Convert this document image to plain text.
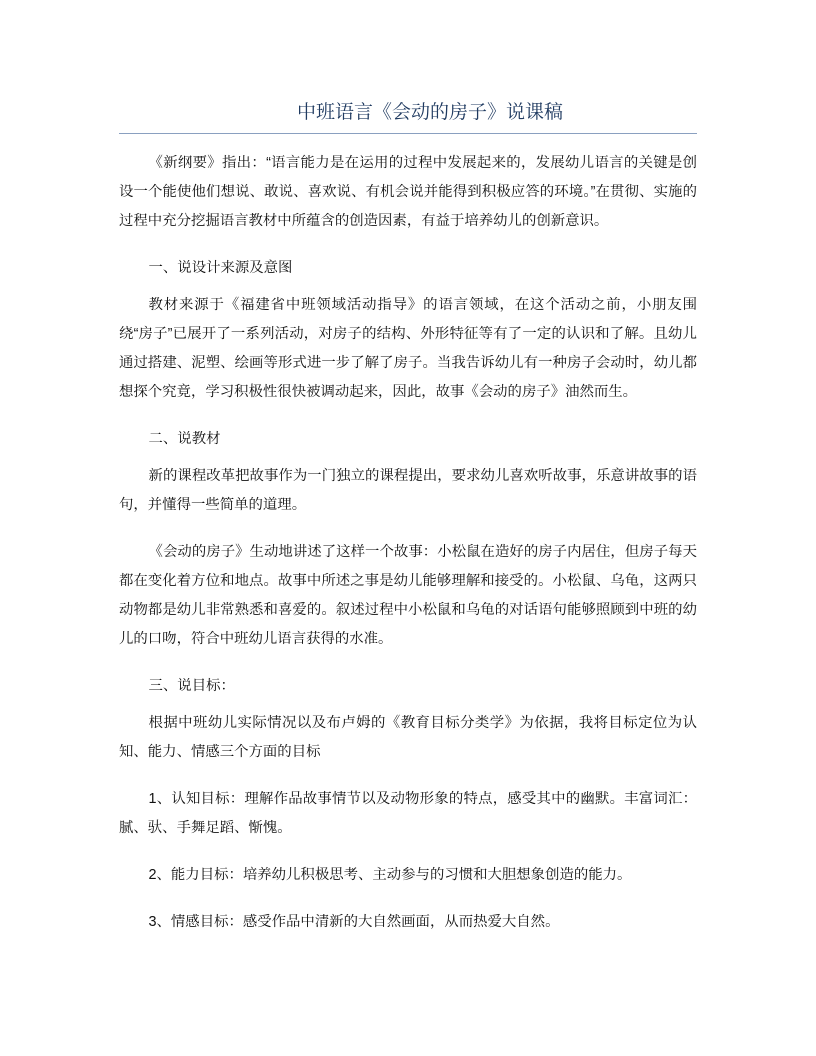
中班语言《会动的房子》说课稿

《新纲要》指出：“语言能力是在运用的过程中发展起来的，发展幼儿语言的关键是创设一个能使他们想说、敢说、喜欢说、有机会说并能得到积极应答的环境。”在贯彻、实施的过程中充分挖掘语言教材中所蕴含的创造因素，有益于培养幼儿的创新意识。

一、说设计来源及意图

教材来源于《福建省中班领域活动指导》的语言领域，在这个活动之前，小朋友围绕“房子”已展开了一系列活动，对房子的结构、外形特征等有了一定的认识和了解。且幼儿通过搭建、泥塑、绘画等形式进一步了解了房子。当我告诉幼儿有一种房子会动时，幼儿都想探个究竟，学习积极性很快被调动起来，因此，故事《会动的房子》油然而生。

二、说教材

新的课程改革把故事作为一门独立的课程提出，要求幼儿喜欢听故事，乐意讲故事的语句，并懂得一些简单的道理。

《会动的房子》生动地讲述了这样一个故事：小松鼠在造好的房子内居住，但房子每天都在变化着方位和地点。故事中所述之事是幼儿能够理解和接受的。小松鼠、乌龟，这两只动物都是幼儿非常熟悉和喜爱的。叙述过程中小松鼠和乌龟的对话语句能够照顾到中班的幼儿的口吻，符合中班幼儿语言获得的水准。

三、说目标：

根据中班幼儿实际情况以及布卢姆的《教育目标分类学》为依据，我将目标定位为认知、能力、情感三个方面的目标

1、认知目标：理解作品故事情节以及动物形象的特点，感受其中的幽默。丰富词汇：腻、驮、手舞足蹈、惭愧。

2、能力目标：培养幼儿积极思考、主动参与的习惯和大胆想象创造的能力。

3、情感目标：感受作品中清新的大自然画面，从而热爱大自然。
